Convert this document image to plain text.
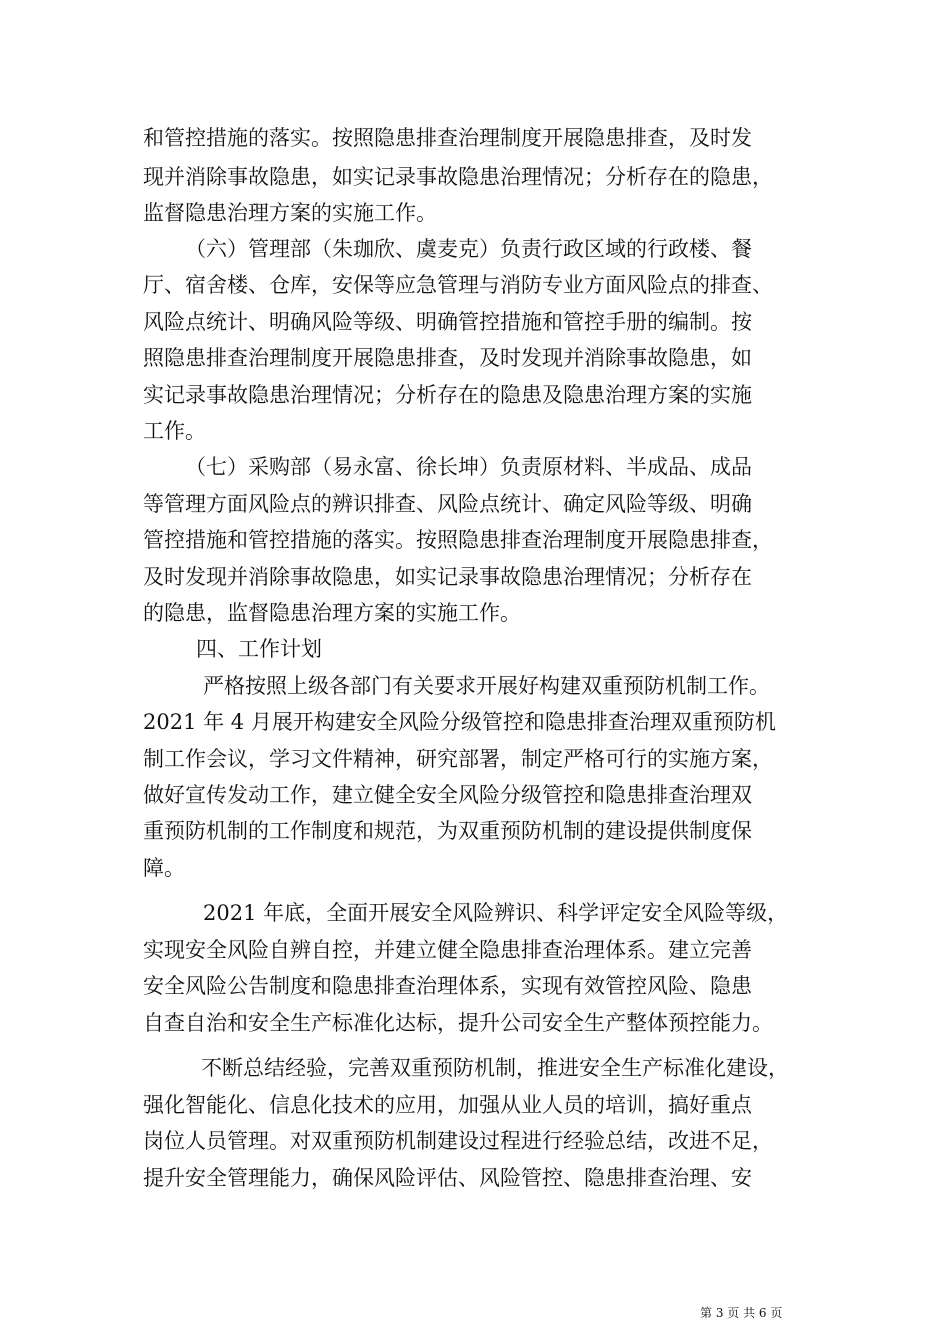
和管控措施的落实。按照隐患排查治理制度开展隐患排查，及时发
现并消除事故隐患，如实记录事故隐患治理情况；分析存在的隐患，
监督隐患治理方案的实施工作。
（六）管理部（朱珈欣、虞麦克）负责行政区域的行政楼、餐
厅、宿舍楼、仓库，安保等应急管理与消防专业方面风险点的排查、
风险点统计、明确风险等级、明确管控措施和管控手册的编制。按
照隐患排查治理制度开展隐患排查，及时发现并消除事故隐患，如
实记录事故隐患治理情况；分析存在的隐患及隐患治理方案的实施
工作。
（七）采购部（易永富、徐长坤）负责原材料、半成品、成品
等管理方面风险点的辨识排查、风险点统计、确定风险等级、明确
管控措施和管控措施的落实。按照隐患排查治理制度开展隐患排查，
及时发现并消除事故隐患，如实记录事故隐患治理情况；分析存在
的隐患，监督隐患治理方案的实施工作。
四、工作计划
严格按照上级各部门有关要求开展好构建双重预防机制工作。
2021 年 4 月展开构建安全风险分级管控和隐患排查治理双重预防机
制工作会议，学习文件精神，研究部署，制定严格可行的实施方案，
做好宣传发动工作，建立健全安全风险分级管控和隐患排查治理双
重预防机制的工作制度和规范，为双重预防机制的建设提供制度保
障。
2021 年底，全面开展安全风险辨识、科学评定安全风险等级，
实现安全风险自辨自控，并建立健全隐患排查治理体系。建立完善
安全风险公告制度和隐患排查治理体系，实现有效管控风险、隐患
自查自治和安全生产标准化达标，提升公司安全生产整体预控能力。
不断总结经验，完善双重预防机制，推进安全生产标准化建设，
强化智能化、信息化技术的应用，加强从业人员的培训，搞好重点
岗位人员管理。对双重预防机制建设过程进行经验总结，改进不足，
提升安全管理能力，确保风险评估、风险管控、隐患排查治理、安
第 3 页 共 6 页
